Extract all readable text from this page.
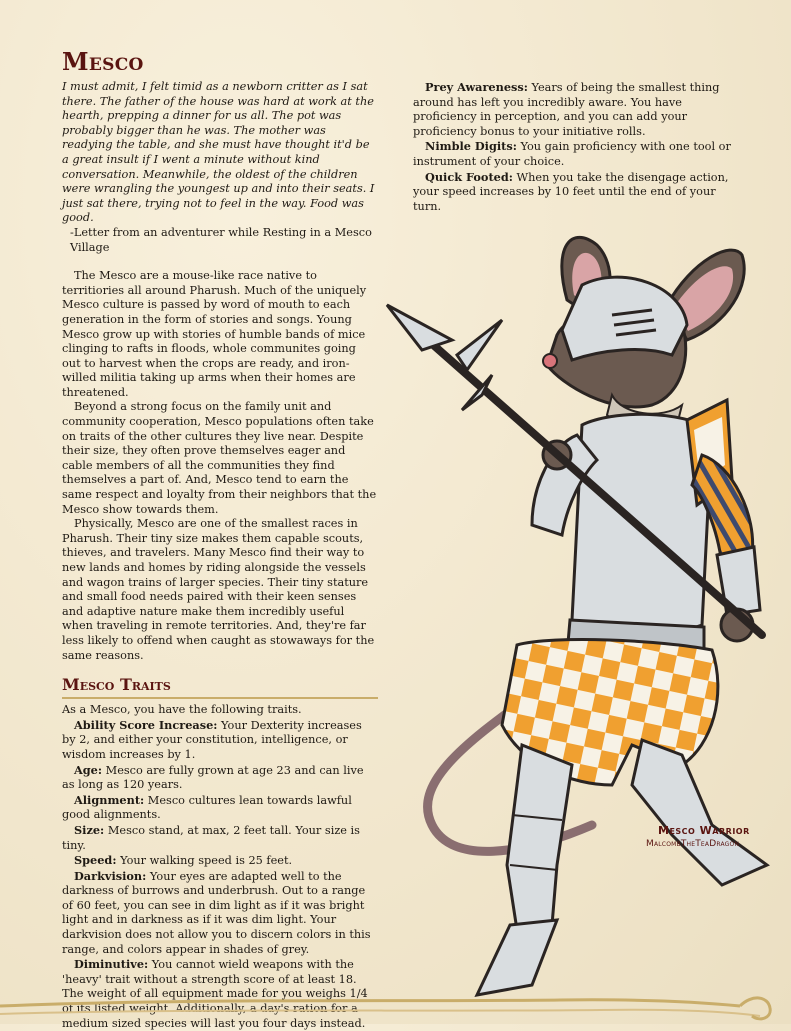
Mesco

I must admit, I felt timid as a newborn critter as I sat there. The father of the house was hard at work at the hearth, prepping a dinner for us all. The pot was probably bigger than he was. The mother was readying the table, and she must have thought it'd be a great insult if I went a minute without kind conversation. Meanwhile, the oldest of the children were wrangling the youngest up and into their seats. I just sat there, trying not to feel in the way. Food was good.

-Letter from an adventurer while Resting in a Mesco Village

The Mesco are a mouse-like race native to territiories all around Pharush. Much of the uniquely Mesco culture is passed by word of mouth to each generation in the form of stories and songs. Young Mesco grow up with stories of humble bands of mice clinging to rafts in floods, whole communites going out to harvest when the crops are ready, and iron-willed militia taking up arms when their homes are threatened.

Beyond a strong focus on the family unit and community cooperation, Mesco populations often take on traits of the other cultures they live near. Despite their size, they often prove themselves eager and cable members of all the communities they find themselves a part of. And, Mesco tend to earn the same respect and loyalty from their neighbors that the Mesco show towards them.

Physically, Mesco are one of the smallest races in Pharush. Their tiny size makes them capable scouts, thieves, and travelers. Many Mesco find their way to new lands and homes by riding alongside the vessels and wagon trains of larger species. Their tiny stature and small food needs paired with their keen senses and adaptive nature make them incredibly useful when traveling in remote territories. And, they're far less likely to offend when caught as stowaways for the same reasons.

Mesco Traits

As a Mesco, you have the following traits.

Ability Score Increase: Your Dexterity increases by 2, and either your constitution, intelligence, or wisdom increases by 1.

Age: Mesco are fully grown at age 23 and can live as long as 120 years.

Alignment: Mesco cultures lean towards lawful good alignments.

Size: Mesco stand, at max, 2 feet tall. Your size is tiny.

Speed: Your walking speed is 25 feet.

Darkvision: Your eyes are adapted well to the darkness of burrows and underbrush. Out to a range of 60 feet, you can see in dim light as if it was bright light and in darkness as if it was dim light. Your darkvision does not allow you to discern colors in this range, and colors appear in shades of grey.

Diminutive: You cannot wield weapons with the 'heavy' trait without a strength score of at least 18. The weight of all equipment made for you weighs 1/4 of its listed weight. Additionally, a day's ration for a medium sized species will last you four days instead.

Prey Awareness: Years of being the smallest thing around has left you incredibly aware. You have proficiency in perception, and you can add your proficiency bonus to your initiative rolls.

Nimble Digits: You gain proficiency with one tool or instrument of your choice.

Quick Footed: When you take the disengage action, your speed increases by 10 feet until the end of your turn.

Mesco Warrior
MalcombTheTeaDragon
